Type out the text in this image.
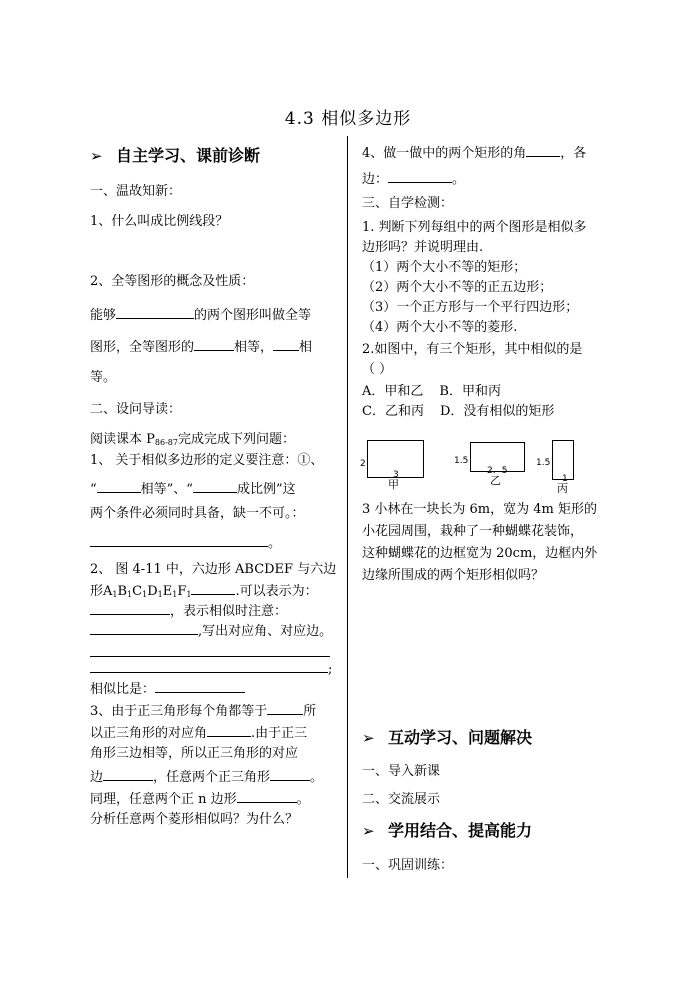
4.3 相似多边形
➢ 自主学习、课前诊断
一、温故知新：
1、什么叫成比例线段？
2、全等图形的概念及性质：
能够	的两个图形叫做全等
图形，全等图形的	相等， 相
等。
二、设问导读：
阅读课本 $P_{86-87}$完成完成下列问题：
1、 关于相似多边形的定义要注意：①、
“	相等”、“	成比例”这
两个条件必须同时具备，缺一不可。：
。
2、 图 4-11 中，六边形 ABCDEF 与六边
形$A_1B_1C_1D_1E_1F_1$	.可以表示为：
，表示相似时注意：
,写出对应角、对应边。
;
相似比是：
3、由于正三角形每个角都等于	所
以正三角形的对应角	.由于正三
角形三边相等，所以正三角形的对应
边	，任意两个正三角形	。
同理，任意两个正 n 边形	。
分析任意两个菱形相似吗？为什么？
4、做一做中的两个矩形的角	，各
边：	。
三、自学检测：
1. 判断下列每组中的两个图形是相似多
边形吗？并说明理由.
（1）两个大小不等的矩形；
（2）两个大小不等的正五边形；
（3）一个正方形与一个平行四边形；
（4）两个大小不等的菱形.
2.如图中，有三个矩形，其中相似的是
（ ）
A．甲和乙 B．甲和丙
C．乙和丙 D．没有相似的矩形
2
3
甲
1.5
2．5
乙
1.5
1
丙
3 小林在一块长为 6m，宽为 4m 矩形的
小花园周围，栽种了一种蝴蝶花装饰，
这种蝴蝶花的边框宽为 20cm，边框内外
边缘所围成的两个矩形相似吗？
➢ 互动学习、问题解决
一、导入新课
二、交流展示
➢ 学用结合、提高能力
一、巩固训练：
